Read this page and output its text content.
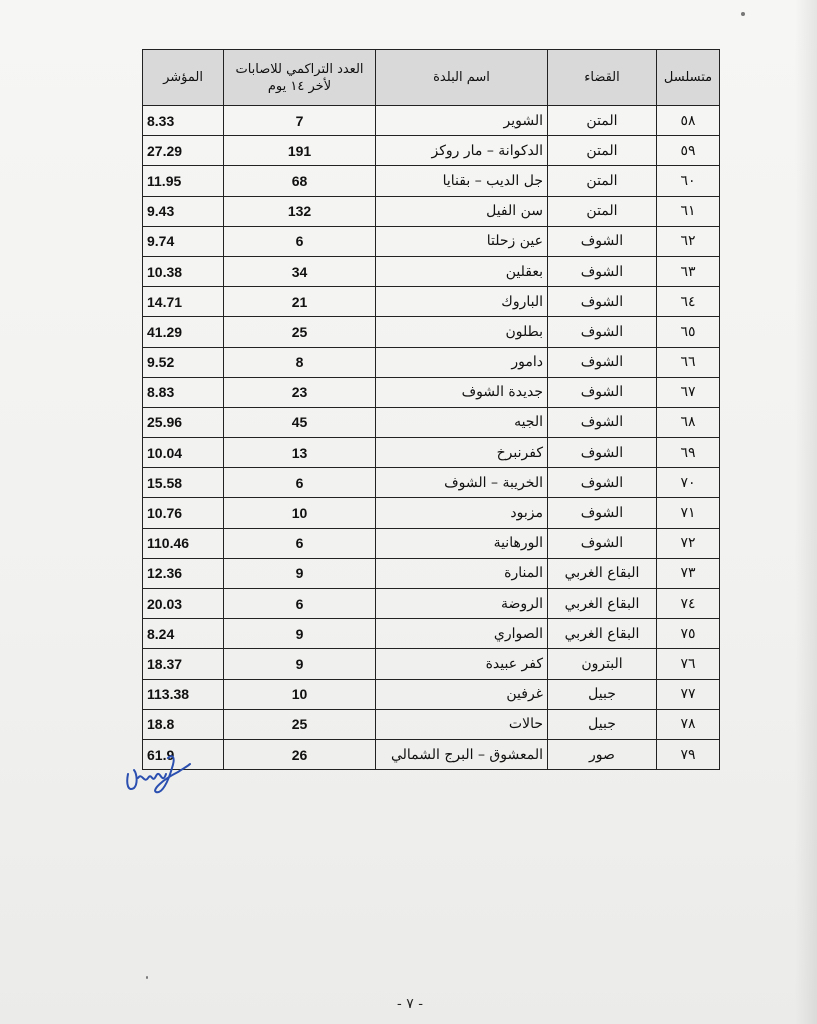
متسلسل	القضاء	اسم البلدة	العدد التراكمي للاصابات لأخر ١٤ يوم	المؤشر
٥٨	المتن	الشوير	7	8.33
٥٩	المتن	الدكوانة – مار روكز	191	27.29
٦٠	المتن	جل الديب – بقنايا	68	11.95
٦١	المتن	سن الفيل	132	9.43
٦٢	الشوف	عين زحلتا	6	9.74
٦٣	الشوف	بعقلين	34	10.38
٦٤	الشوف	الباروك	21	14.71
٦٥	الشوف	بطلون	25	41.29
٦٦	الشوف	دامور	8	9.52
٦٧	الشوف	جديدة الشوف	23	8.83
٦٨	الشوف	الجيه	45	25.96
٦٩	الشوف	كفرنبرخ	13	10.04
٧٠	الشوف	الخريبة – الشوف	6	15.58
٧١	الشوف	مزبود	10	10.76
٧٢	الشوف	الورهانية	6	110.46
٧٣	البقاع الغربي	المنارة	9	12.36
٧٤	البقاع الغربي	الروضة	6	20.03
٧٥	البقاع الغربي	الصواري	9	8.24
٧٦	البترون	كفر عبيدة	9	18.37
٧٧	جبيل	غرفين	10	113.38
٧٨	جبيل	حالات	25	18.8
٧٩	صور	المعشوق – البرج الشمالي	26	61.9
- ٧ -
